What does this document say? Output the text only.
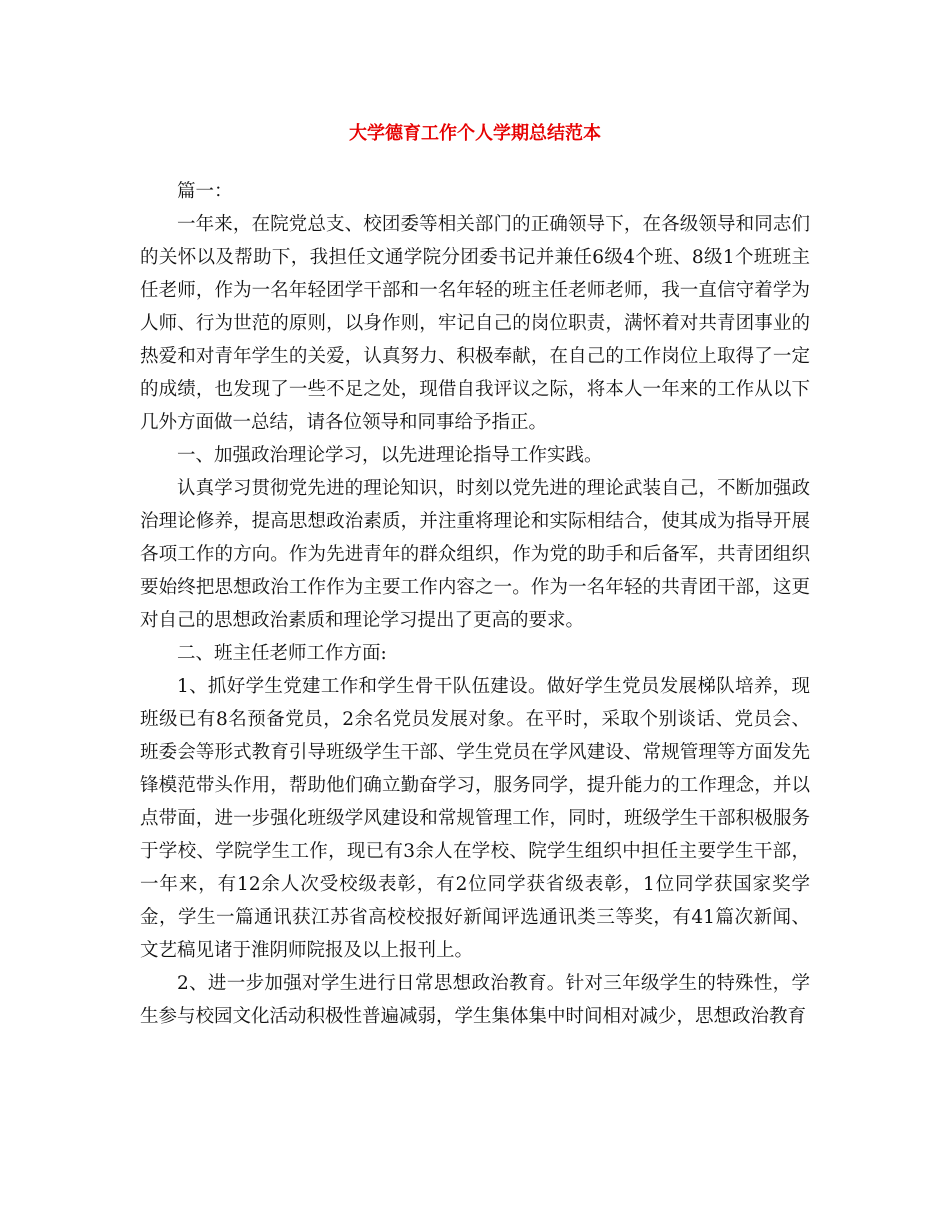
大学德育工作个人学期总结范本

篇一：

一年来，在院党总支、校团委等相关部门的正确领导下，在各级领导和同志们的关怀以及帮助下，我担任文通学院分团委书记并兼任6级4个班、8级1个班班主任老师，作为一名年轻团学干部和一名年轻的班主任老师老师，我一直信守着学为人师、行为世范的原则，以身作则，牢记自己的岗位职责，满怀着对共青团事业的热爱和对青年学生的关爱，认真努力、积极奉献，在自己的工作岗位上取得了一定的成绩，也发现了一些不足之处，现借自我评议之际，将本人一年来的工作从以下几外方面做一总结，请各位领导和同事给予指正。

一、加强政治理论学习，以先进理论指导工作实践。

认真学习贯彻党先进的理论知识，时刻以党先进的理论武装自己，不断加强政治理论修养，提高思想政治素质，并注重将理论和实际相结合，使其成为指导开展各项工作的方向。作为先进青年的群众组织，作为党的助手和后备军，共青团组织要始终把思想政治工作作为主要工作内容之一。作为一名年轻的共青团干部，这更对自己的思想政治素质和理论学习提出了更高的要求。

二、班主任老师工作方面:

1、抓好学生党建工作和学生骨干队伍建设。做好学生党员发展梯队培养，现班级已有8名预备党员，2余名党员发展对象。在平时，采取个别谈话、党员会、班委会等形式教育引导班级学生干部、学生党员在学风建设、常规管理等方面发先锋模范带头作用，帮助他们确立勤奋学习，服务同学，提升能力的工作理念，并以点带面，进一步强化班级学风建设和常规管理工作，同时，班级学生干部积极服务于学校、学院学生工作，现已有3余人在学校、院学生组织中担任主要学生干部，一年来，有12余人次受校级表彰，有2位同学获省级表彰，1位同学获国家奖学金，学生一篇通讯获江苏省高校校报好新闻评选通讯类三等奖，有41篇次新闻、文艺稿见诸于淮阴师院报及以上报刊上。

2、进一步加强对学生进行日常思想政治教育。针对三年级学生的特殊性，学生参与校园文化活动积极性普遍减弱，学生集体集中时间相对减少，思想政治教育
